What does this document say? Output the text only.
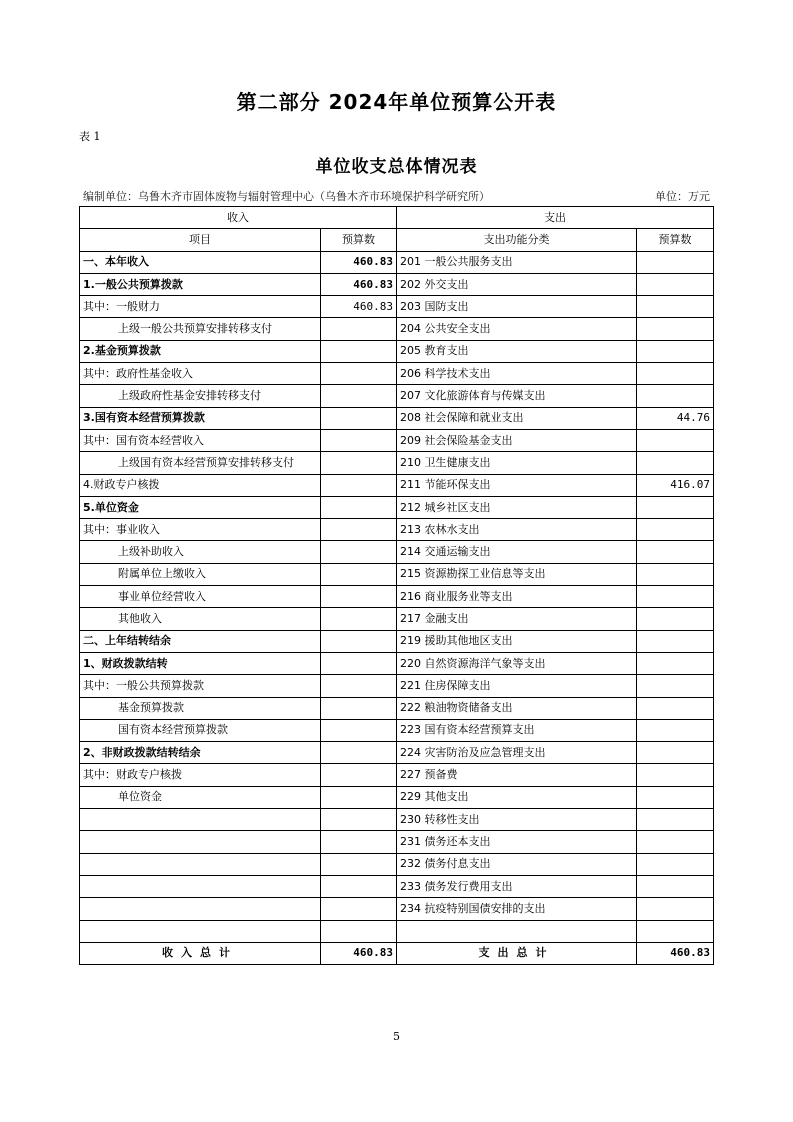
第二部分 2024年单位预算公开表
表 1
单位收支总体情况表
编制单位：乌鲁木齐市固体废物与辐射管理中心（乌鲁木齐市环境保护科学研究所）	单位：万元
收入		支出	
项目	预算数	支出功能分类	预算数
一、本年收入	460.83	201 一般公共服务支出	
1.一般公共预算拨款	460.83	202 外交支出	
其中：一般财力	460.83	203 国防支出	
上级一般公共预算安排转移支付		204 公共安全支出	
2.基金预算拨款		205 教育支出	
其中：政府性基金收入		206 科学技术支出	
上级政府性基金安排转移支付		207 文化旅游体育与传媒支出	
3.国有资本经营预算拨款		208 社会保障和就业支出	44.76
其中：国有资本经营收入		209 社会保险基金支出	
上级国有资本经营预算安排转移支付		210 卫生健康支出	
4.财政专户核拨		211 节能环保支出	416.07
5.单位资金		212 城乡社区支出	
其中：事业收入		213 农林水支出	
上级补助收入		214 交通运输支出	
附属单位上缴收入		215 资源勘探工业信息等支出	
事业单位经营收入		216 商业服务业等支出	
其他收入		217 金融支出	
二、上年结转结余		219 援助其他地区支出	
1、财政拨款结转		220 自然资源海洋气象等支出	
其中：一般公共预算拨款		221 住房保障支出	
基金预算拨款		222 粮油物资储备支出	
国有资本经营预算拨款		223 国有资本经营预算支出	
2、非财政拨款结转结余		224 灾害防治及应急管理支出	
其中：财政专户核拨		227 预备费	
单位资金		229 其他支出	
		230 转移性支出	
		231 债务还本支出	
		232 债务付息支出	
		233 债务发行费用支出	
		234 抗疫特别国债安排的支出	

收入总计	460.83	支出总计	460.83
5
